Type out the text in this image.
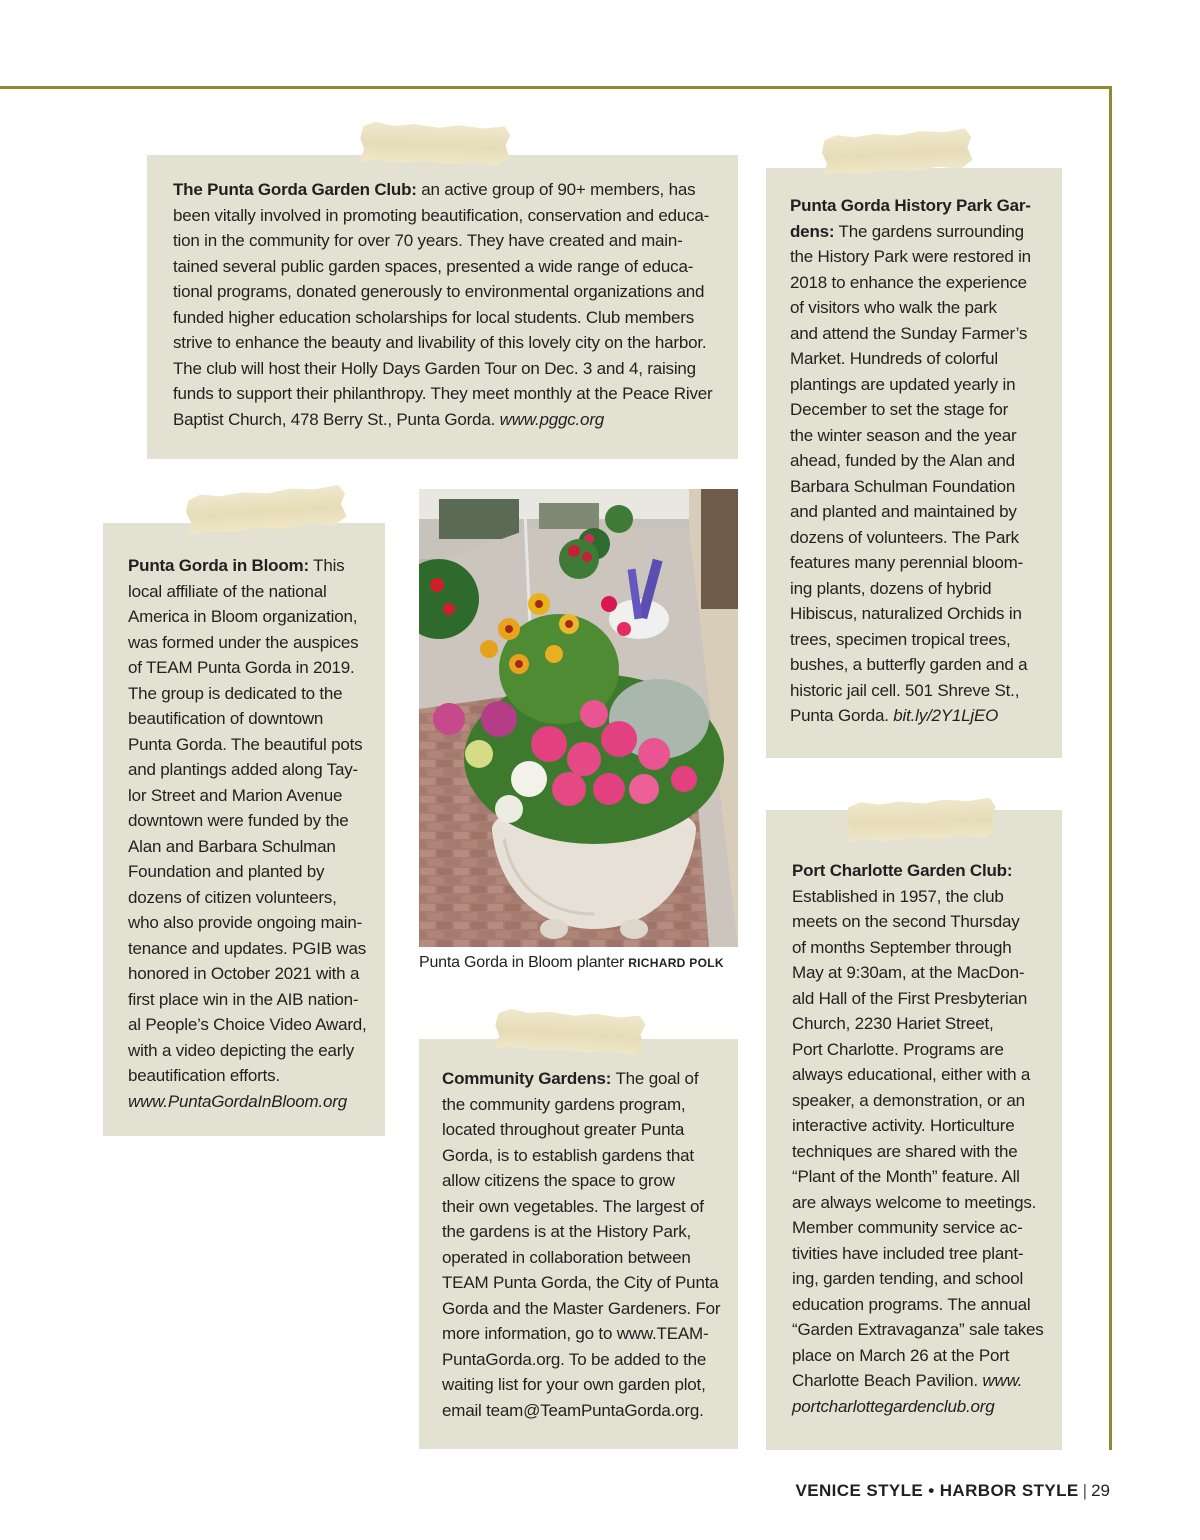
The Punta Gorda Garden Club: an active group of 90+ members, has
been vitally involved in promoting beautification, conservation and educa-
tion in the community for over 70 years. They have created and main-
tained several public garden spaces, presented a wide range of educa-
tional programs, donated generously to environmental organizations and
funded higher education scholarships for local students. Club members
strive to enhance the beauty and livability of this lovely city on the harbor.
The club will host their Holly Days Garden Tour on Dec. 3 and 4, raising
funds to support their philanthropy. They meet monthly at the Peace River
Baptist Church, 478 Berry St., Punta Gorda. www.pggc.org

Punta Gorda History Park Gar-
dens: The gardens surrounding
the History Park were restored in
2018 to enhance the experience
of visitors who walk the park
and attend the Sunday Farmer’s
Market. Hundreds of colorful
plantings are updated yearly in
December to set the stage for
the winter season and the year
ahead, funded by the Alan and
Barbara Schulman Foundation
and planted and maintained by
dozens of volunteers. The Park
features many perennial bloom-
ing plants, dozens of hybrid
Hibiscus, naturalized Orchids in
trees, specimen tropical trees,
bushes, a butterfly garden and a
historic jail cell. 501 Shreve St.,
Punta Gorda. bit.ly/2Y1LjEO

Punta Gorda in Bloom: This
local affiliate of the national
America in Bloom organization,
was formed under the auspices
of TEAM Punta Gorda in 2019.
The group is dedicated to the
beautification of downtown
Punta Gorda. The beautiful pots
and plantings added along Tay-
lor Street and Marion Avenue
downtown were funded by the
Alan and Barbara Schulman
Foundation and planted by
dozens of citizen volunteers,
who also provide ongoing main-
tenance and updates. PGIB was
honored in October 2021 with a
first place win in the AIB nation-
al People’s Choice Video Award,
with a video depicting the early
beautification efforts.
www.PuntaGordaInBloom.org

Punta Gorda in Bloom planter RICHARD POLK

Community Gardens: The goal of
the community gardens program,
located throughout greater Punta
Gorda, is to establish gardens that
allow citizens the space to grow
their own vegetables. The largest of
the gardens is at the History Park,
operated in collaboration between
TEAM Punta Gorda, the City of Punta
Gorda and the Master Gardeners. For
more information, go to www.TEAM-
PuntaGorda.org. To be added to the
waiting list for your own garden plot,
email team@TeamPuntaGorda.org.

Port Charlotte Garden Club:
Established in 1957, the club
meets on the second Thursday
of months September through
May at 9:30am, at the MacDon-
ald Hall of the First Presbyterian
Church, 2230 Hariet Street,
Port Charlotte. Programs are
always educational, either with a
speaker, a demonstration, or an
interactive activity. Horticulture
techniques are shared with the
“Plant of the Month” feature. All
are always welcome to meetings.
Member community service ac-
tivities have included tree plant-
ing, garden tending, and school
education programs. The annual
“Garden Extravaganza” sale takes
place on March 26 at the Port
Charlotte Beach Pavilion. www.
portcharlottegardenclub.org

VENICE STYLE • HARBOR STYLE | 29
